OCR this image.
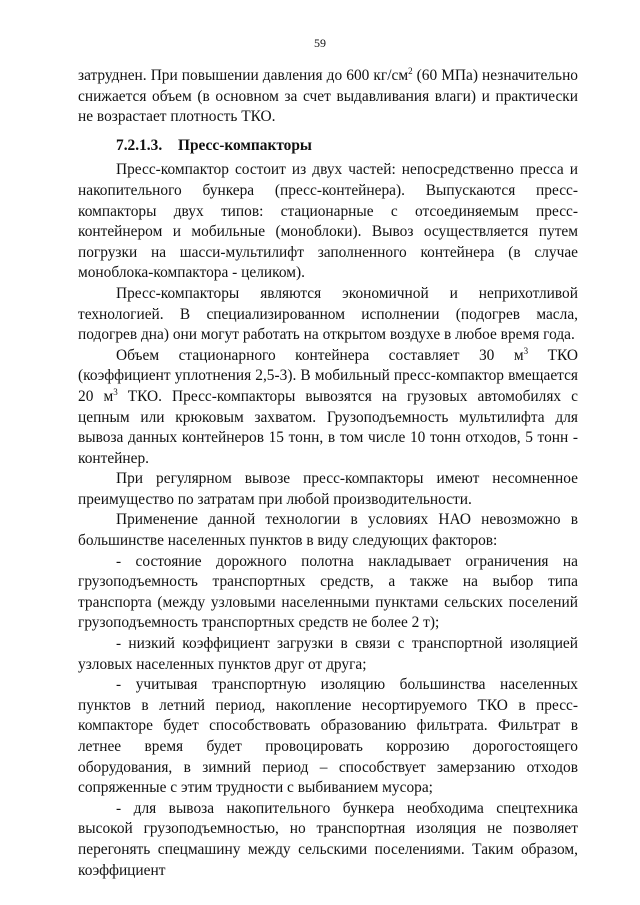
59

затруднен. При повышении давления до 600 $кг/см^2$ (60 МПа) незначительно снижается объем (в основном за счет выдавливания влаги) и практически не возрастает плотность ТКО.

7.2.1.3. Пресс-компакторы

Пресс-компактор состоит из двух частей: непосредственно пресса и накопительного бункера (пресс-контейнера). Выпускаются пресс-компакторы двух типов: стационарные с отсоединяемым пресс-контейнером и мобильные (моноблоки). Вывоз осуществляется путем погрузки на шасси-мультилифт заполненного контейнера (в случае моноблока-компактора - целиком).

Пресс-компакторы являются экономичной и неприхотливой технологией. В специализированном исполнении (подогрев масла, подогрев дна) они могут работать на открытом воздухе в любое время года.

Объем стационарного контейнера составляет 30 $м^3$ ТКО (коэффициент уплотнения 2,5-3). В мобильный пресс-компактор вмещается 20 $м^3$ ТКО. Пресс-компакторы вывозятся на грузовых автомобилях с цепным или крюковым захватом. Грузоподъемность мультилифта для вывоза данных контейнеров 15 тонн, в том числе 10 тонн отходов, 5 тонн - контейнер.

При регулярном вывозе пресс-компакторы имеют несомненное преимущество по затратам при любой производительности.

Применение данной технологии в условиях НАО невозможно в большинстве населенных пунктов в виду следующих факторов:

- состояние дорожного полотна накладывает ограничения на грузоподъемность транспортных средств, а также на выбор типа транспорта (между узловыми населенными пунктами сельских поселений грузоподъемность транспортных средств не более 2 т);

- низкий коэффициент загрузки в связи с транспортной изоляцией узловых населенных пунктов друг от друга;

- учитывая транспортную изоляцию большинства населенных пунктов в летний период, накопление несортируемого ТКО в пресс-компакторе будет способствовать образованию фильтрата. Фильтрат в летнее время будет провоцировать коррозию дорогостоящего оборудования, в зимний период – способствует замерзанию отходов сопряженные с этим трудности с выбиванием мусора;

- для вывоза накопительного бункера необходима спецтехника высокой грузоподъемностью, но транспортная изоляция не позволяет перегонять спецмашину между сельскими поселениями. Таким образом, коэффициент
